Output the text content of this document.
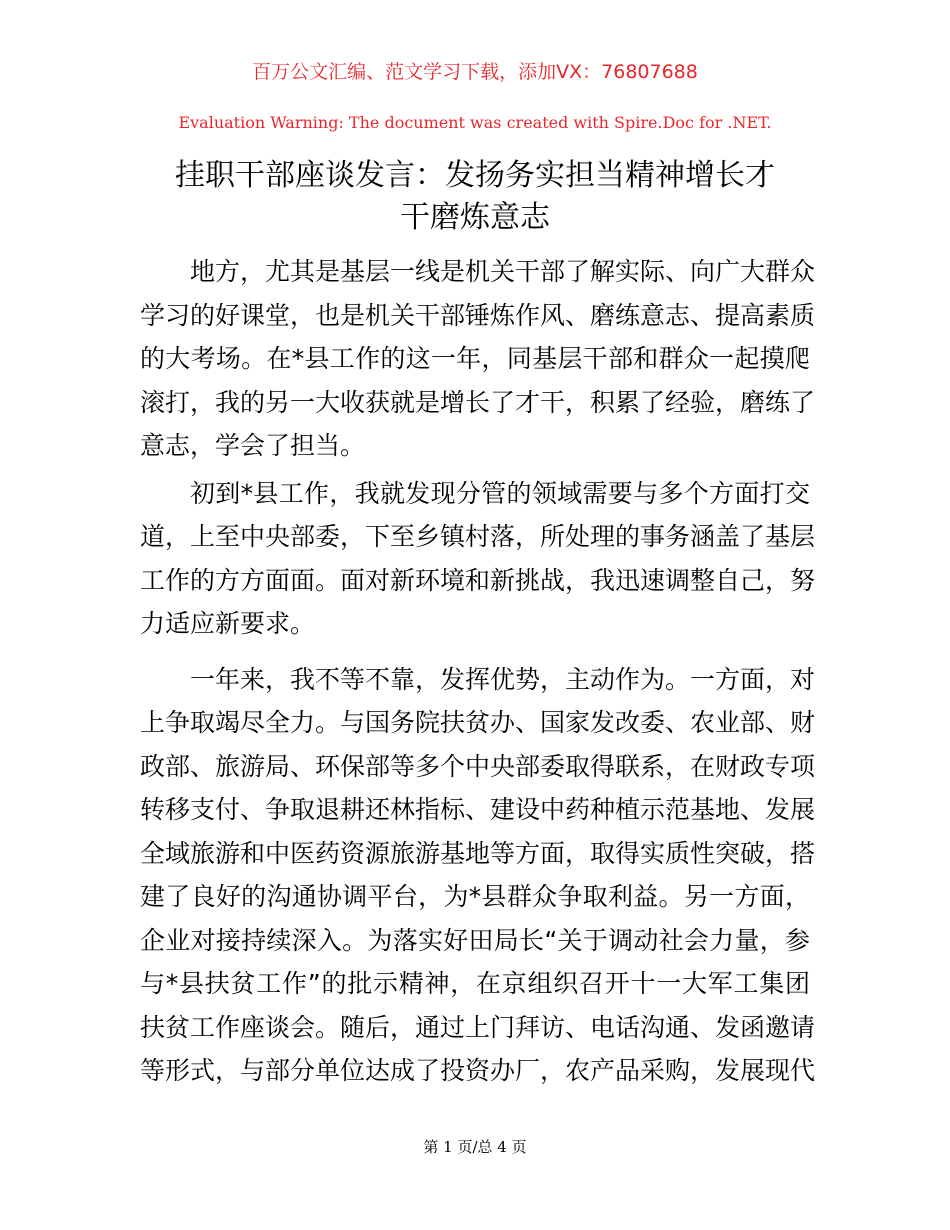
百万公文汇编、范文学习下载，添加VX：76807688
Evaluation Warning: The document was created with Spire.Doc for .NET.
挂职干部座谈发言：发扬务实担当精神增长才
干磨炼意志
地方，尤其是基层一线是机关干部了解实际、向广大群众
学习的好课堂，也是机关干部锤炼作风、磨练意志、提高素质
的大考场。在*县工作的这一年，同基层干部和群众一起摸爬
滚打，我的另一大收获就是增长了才干，积累了经验，磨练了
意志，学会了担当。
初到*县工作，我就发现分管的领域需要与多个方面打交
道，上至中央部委，下至乡镇村落，所处理的事务涵盖了基层
工作的方方面面。面对新环境和新挑战，我迅速调整自己，努
力适应新要求。
一年来，我不等不靠，发挥优势，主动作为。一方面，对
上争取竭尽全力。与国务院扶贫办、国家发改委、农业部、财
政部、旅游局、环保部等多个中央部委取得联系，在财政专项
转移支付、争取退耕还林指标、建设中药种植示范基地、发展
全域旅游和中医药资源旅游基地等方面，取得实质性突破，搭
建了良好的沟通协调平台，为*县群众争取利益。另一方面，
企业对接持续深入。为落实好田局长“关于调动社会力量，参
与*县扶贫工作”的批示精神，在京组织召开十一大军工集团
扶贫工作座谈会。随后，通过上门拜访、电话沟通、发函邀请
等形式，与部分单位达成了投资办厂，农产品采购，发展现代
第 1 页/总 4 页
